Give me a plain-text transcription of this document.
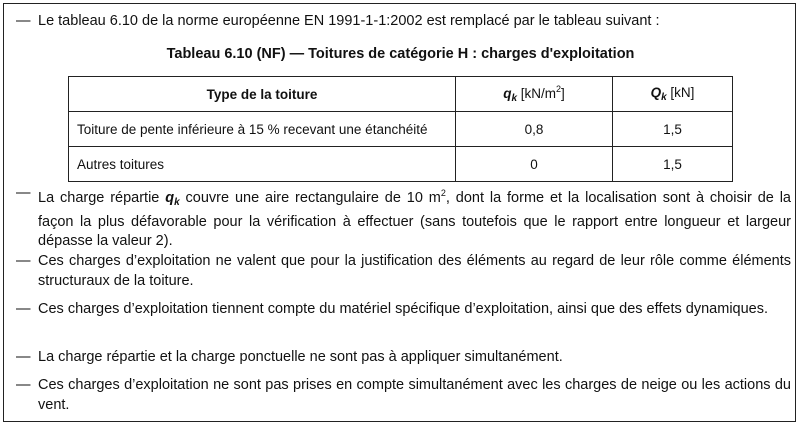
— Le tableau 6.10 de la norme européenne EN 1991-1-1:2002 est remplacé par le tableau suivant :
Tableau 6.10 (NF) — Toitures de catégorie H : charges d'exploitation
Type de la toiture	$q_k$ $[kN/m^2]$	$Q_k$ [kN]
Toiture de pente inférieure à 15 % recevant une étanchéité	0,8	1,5
Autres toitures	0	1,5
— La charge répartie $q_k$ couvre une aire rectangulaire de 10 $m^2$, dont la forme et la localisation sont à choisir de la façon la plus défavorable pour la vérification à effectuer (sans toutefois que le rapport entre longueur et largeur dépasse la valeur 2).
— Ces charges d’exploitation ne valent que pour la justification des éléments au regard de leur rôle comme éléments structuraux de la toiture.
— Ces charges d’exploitation tiennent compte du matériel spécifique d’exploitation, ainsi que des effets dynamiques.
— La charge répartie et la charge ponctuelle ne sont pas à appliquer simultanément.
— Ces charges d’exploitation ne sont pas prises en compte simultanément avec les charges de neige ou les actions du vent.
